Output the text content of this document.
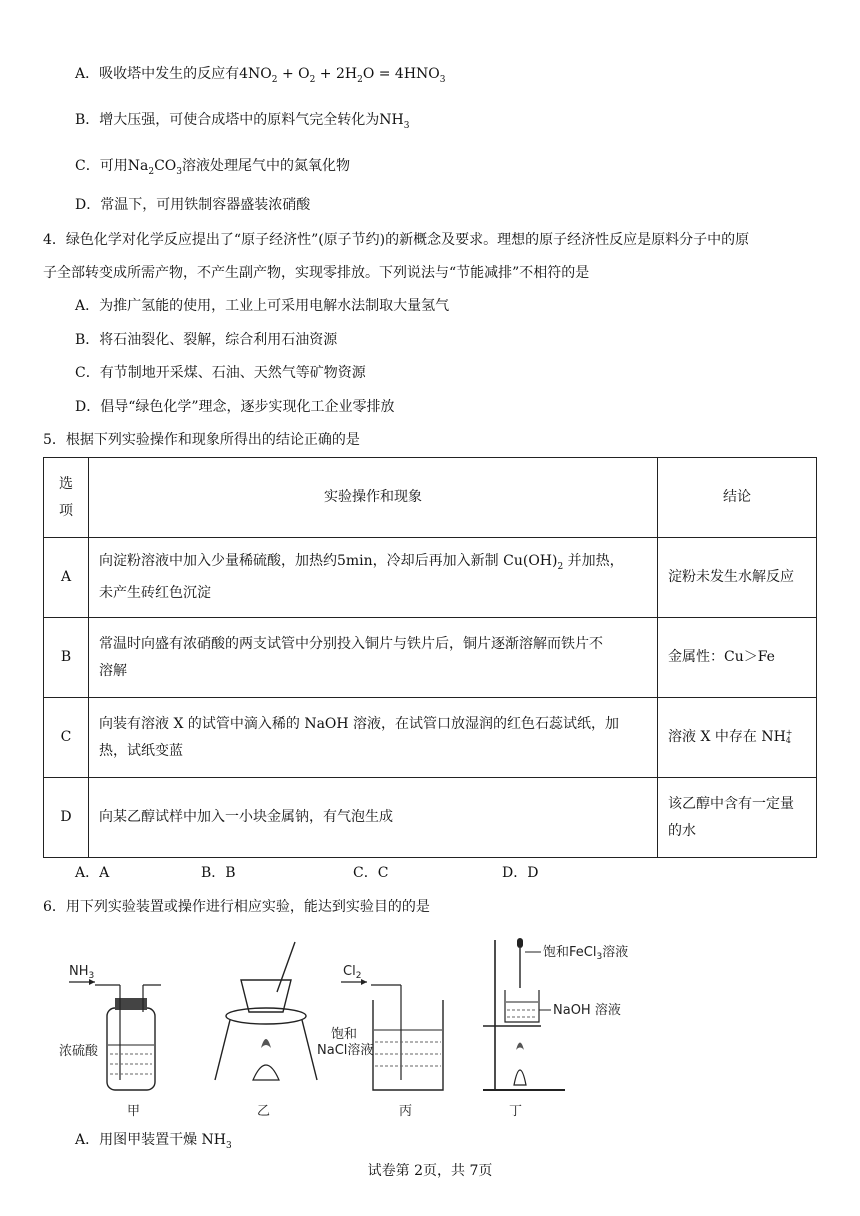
A．吸收塔中发生的反应有$4NO_2 + O_2 + 2H_2O = 4HNO_3$
B．增大压强，可使合成塔中的原料气完全转化为$NH_3$
C．可用$Na_2CO_3$溶液处理尾气中的氮氧化物
D．常温下，可用铁制容器盛装浓硝酸
4．绿色化学对化学反应提出了“原子经济性”(原子节约)的新概念及要求。理想的原子经济性反应是原料分子中的原
子全部转变成所需产物，不产生副产物，实现零排放。下列说法与“节能减排”不相符的是
A．为推广氢能的使用，工业上可采用电解水法制取大量氢气
B．将石油裂化、裂解，综合利用石油资源
C．有节制地开采煤、石油、天然气等矿物资源
D．倡导“绿色化学”理念，逐步实现化工企业零排放
5．根据下列实验操作和现象所得出的结论正确的是
选
项	实验操作和现象	结论
A	向淀粉溶液中加入少量稀硫酸，加热约5min，冷却后再加入新制 $Cu(OH)_2$ 并加热，
未产生砖红色沉淀	淀粉未发生水解反应
B	常温时向盛有浓硝酸的两支试管中分别投入铜片与铁片后，铜片逐渐溶解而铁片不
溶解	金属性：Cu＞Fe
C	向装有溶液 X 的试管中滴入稀的 NaOH 溶液，在试管口放湿润的红色石蕊试纸，加
热，试纸变蓝	溶液 X 中存在 NH+
4
D	向某乙醇试样中加入一小块金属钠，有气泡生成	该乙醇中含有一定量
的水
A．A	B．B	C．C	D．D
6．用下列实验装置或操作进行相应实验，能达到实验目的的是
$NH_3$
浓硫酸
甲	乙
$Cl_2$
饱和
NaCl溶液
丙
饱和FeCl$_3$溶液
NaOH 溶液
丁
A．用图甲装置干燥 $NH_3$
试卷第 2页，共 7页
